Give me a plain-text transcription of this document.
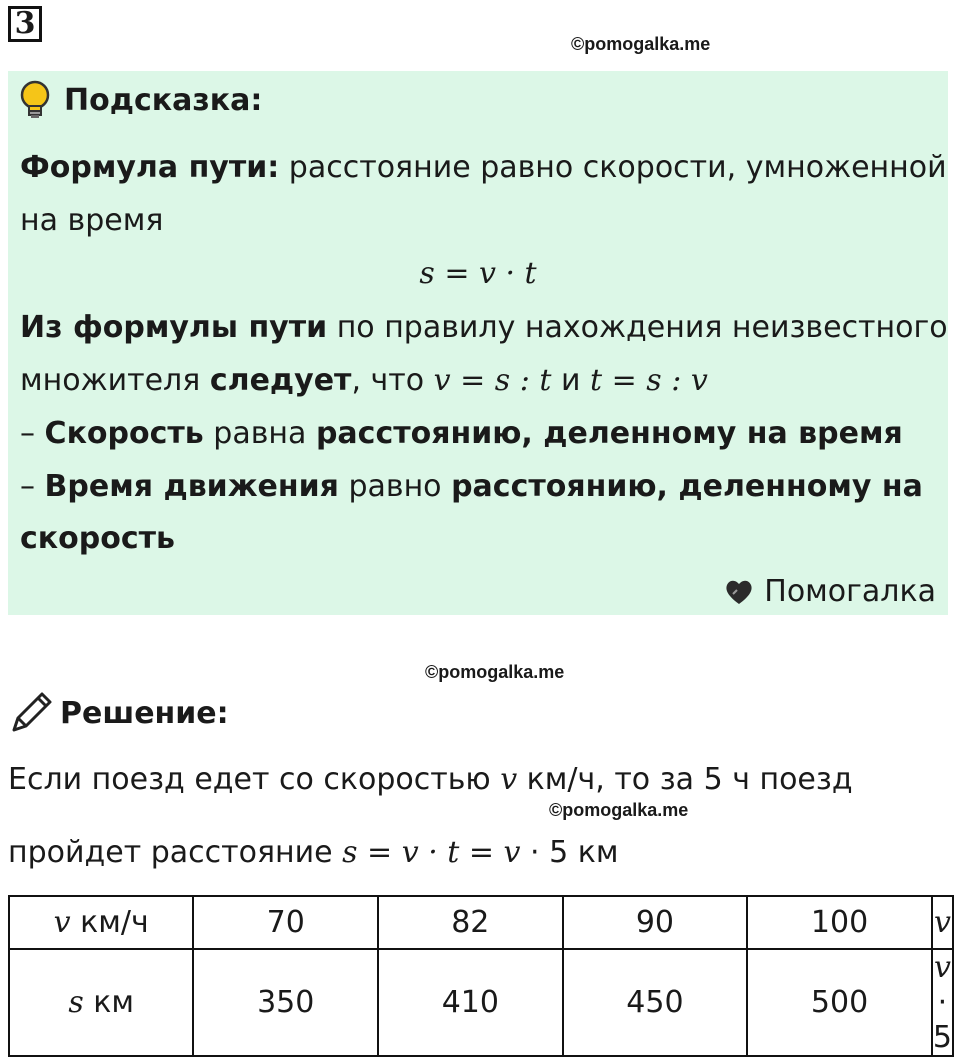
3
©pomogalka.me
Подсказка:
Формула пути: расстояние равно скорости, умноженной
на время
s = v · t
Из формулы пути по правилу нахождения неизвестного
множителя следует, что v = s : t и t = s : v
– Скорость равна расстоянию, деленному на время
– Время движения равно расстоянию, деленному на
скорость
Помогалка
©pomogalka.me
Решение:
Если поезд едет со скоростью v км/ч, то за 5 ч поезд
©pomogalka.me
пройдет расстояние s = v · t = v · 5 км
v км/ч	70	82	90	100	v
s км	350	410	450	500	v · 5
